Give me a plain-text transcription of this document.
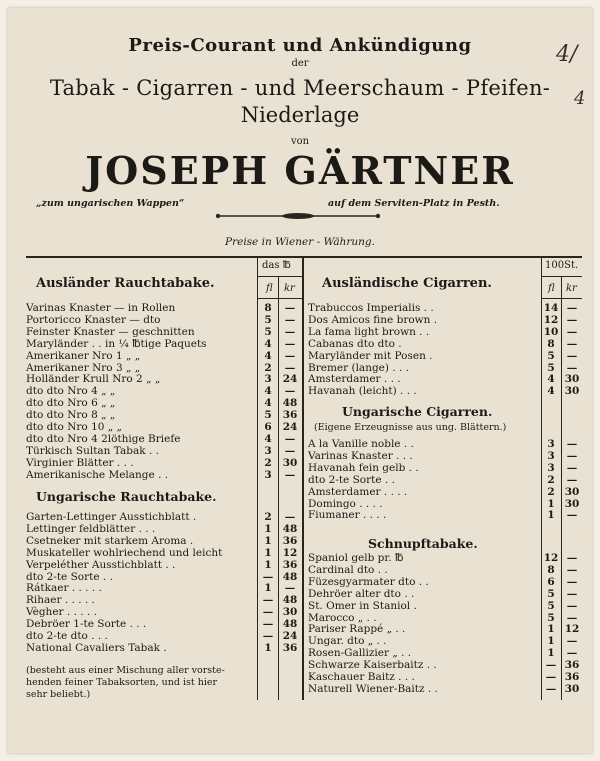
4/
4
Preis-Courant und Ankündigung
der
Tabak - Cigarren - und Meerschaum - Pfeifen-
Niederlage
von
JOSEPH GÄRTNER
„zum ungarischen Wappen“	auf dem Serviten-Platz in Pesth.
Preise in Wiener - Währung.
Ausländer Rauchtabake.
das ℔
fl kr Ausländische Cigarren.
100St.
fl kr
Ungarische Rauchtabake.
(besteht aus einer Mischung aller vorste-
henden feiner Tabaksorten, und ist hier
sehr beliebt.)
Ungarische Cigarren.
(Eigene Erzeugnisse aus ung. Blättern.)
Schnupftabake.
Varinas Knaster — in Rollen	8	—
Portoricco Knaster — dto	5	—
Feinster Knaster — geschnitten	5	—
Maryländer . . in ¼ ℔tige Paquets	4	—
Amerikaner Nro 1 „ „	4	—
Amerikaner Nro 3 „ „	2	—
Holländer Krull Nro 2 „ „	3	24
dto dto Nro 4 „ „	4	—
dto dto Nro 6 „ „	4	48
dto dto Nro 8 „ „	5	36
dto dto Nro 10 „ „	6	24
dto dto Nro 4 2löthige Briefe	4	—
Türkisch Sultan Tabak . .	3	—
Virginier Blätter . . .	2	30
Amerikanische Melange . .	3	—
Garten-Lettinger Ausstichblatt .	2	—
Lettinger feldblätter . . .	1	48
Csetneker mit starkem Aroma .	1	36
Muskateller wohlriechend und leicht	1	12
Verpeléther Ausstichblatt . .	1	36
dto 2-te Sorte . .	— 48
Rátkaer . . . . .	1	—
Rihaer . . . . .	— 48
Vègher . . . . .	— 30
Debröer 1-te Sorte . . .	— 48
dto 2-te dto . . .	— 24
National Cavaliers Tabak .	1	36
Trabuccos Imperialis . .	14 —
Dos Amicos fine brown .	12 —
La fama light brown . .	10 —
Cabanas dto dto .	8	—
Maryländer mit Posen .	5	—
Bremer (lange) . . .	5	—
Amsterdamer . . .	4 30
Havanah (leicht) . . .	4 30
A la Vanille noble . .	3	—
Varinas Knaster . . .	3	—
Havanah fein gelb . .	3	—
dto 2-te Sorte . .	2	—
Amsterdamer . . . .	2 30
Domingo . . . .	1 30
Fiumaner . . . .	1	—
Spaniol gelb pr. ℔	12 —
Cardinal dto . .	8	—
Füzesgyarmater dto . .	6	—
Dehröer alter dto . .	5	—
St. Omer in Staniol .	5	—
Marocco „ . .	5	—
Pariser Rappé „ . .	1 12
Ungar. dto „ . .	1	—
Rosen-Gallizier „ . .	1	—
Schwarze Kaiserbaitz . .	— 36
Kaschauer Baitz . . .	— 36
Naturell Wiener-Baitz . .	— 30
